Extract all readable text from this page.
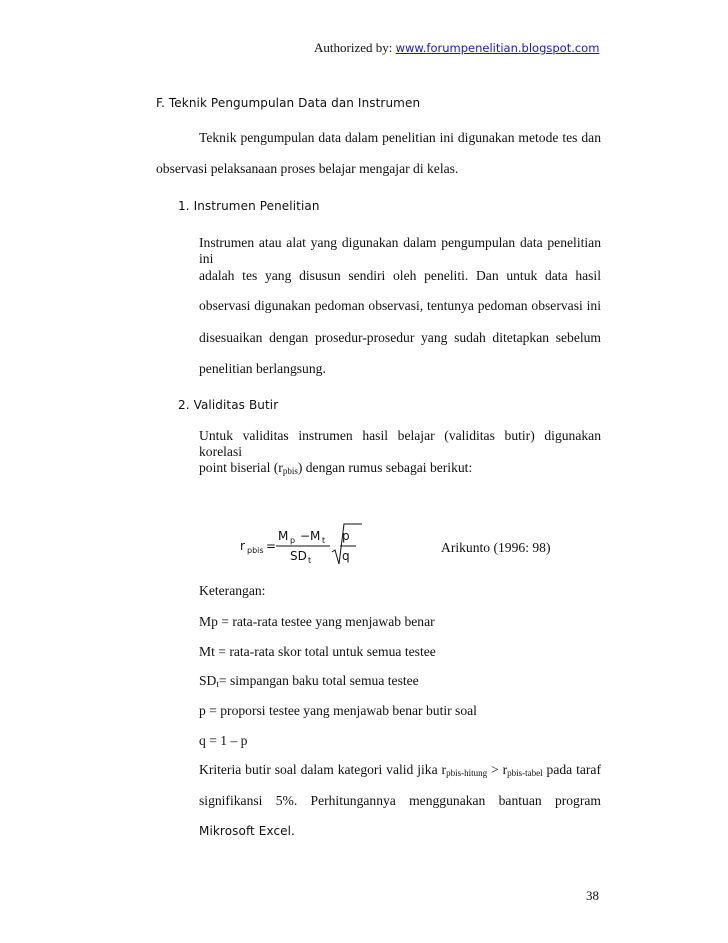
Authorized by: www.forumpenelitian.blogspot.com
F. Teknik Pengumpulan Data dan Instrumen
Teknik pengumpulan data dalam penelitian ini digunakan metode tes dan
observasi pelaksanaan proses belajar mengajar di kelas.
1. Instrumen Penelitian
Instrumen atau alat yang digunakan dalam pengumpulan data penelitian ini
adalah tes yang disusun sendiri oleh peneliti. Dan untuk data hasil
observasi digunakan pedoman observasi, tentunya pedoman observasi ini
disesuaikan dengan prosedur-prosedur yang sudah ditetapkan sebelum
penelitian berlangsung.
2. Validitas Butir
Untuk validitas instrumen hasil belajar (validitas butir) digunakan korelasi
point biserial $(r_{pbis})$ dengan rumus sebagai berikut:
r pbis =
M p − M t
SD t
p
q
Arikunto (1996: 98)
Keterangan:
Mp = rata-rata testee yang menjawab benar
Mt = rata-rata skor total untuk semua testee
$SD_t=$ simpangan baku total semua testee
p = proporsi testee yang menjawab benar butir soal
q = 1 – p
Kriteria butir soal dalam kategori valid jika $r_{pbis-hitung} > r_{pbis-tabel}$ pada taraf
signifikansi 5%. Perhitungannya menggunakan bantuan program
Mikrosoft Excel.
38
